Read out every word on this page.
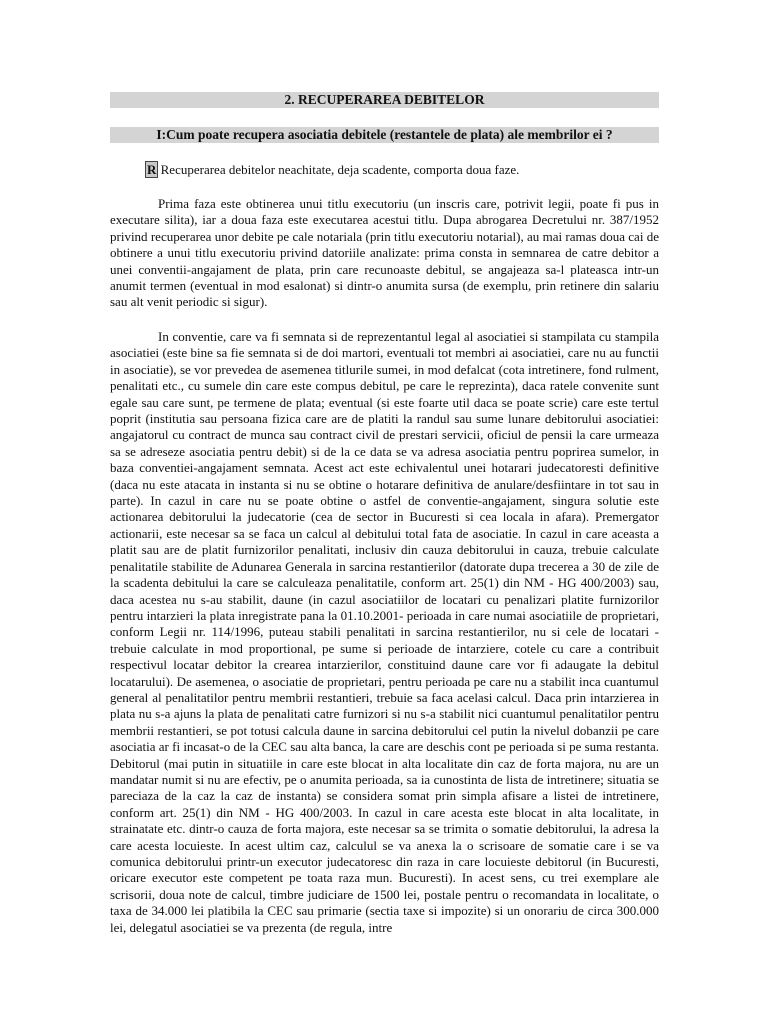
2. RECUPERAREA DEBITELOR
I:Cum poate recupera asociatia debitele (restantele de plata) ale membrilor ei ?
R Recuperarea debitelor neachitate, deja scadente, comporta doua faze.

Prima faza este obtinerea unui titlu executoriu (un inscris care, potrivit legii, poate fi pus in executare silita), iar a doua faza este executarea acestui titlu. Dupa abrogarea Decretului nr. 387/1952 privind recuperarea unor debite pe cale notariala (prin titlu executoriu notarial), au mai ramas doua cai de obtinere a unui titlu executoriu privind datoriile analizate: prima consta in semnarea de catre debitor a unei conventii-angajament de plata, prin care recunoaste debitul, se angajeaza sa-l plateasca intr-un anumit termen (eventual in mod esalonat) si dintr-o anumita sursa (de exemplu, prin retinere din salariu sau alt venit periodic si sigur).

In conventie, care va fi semnata si de reprezentantul legal al asociatiei si stampilata cu stampila asociatiei (este bine sa fie semnata si de doi martori, eventuali tot membri ai asociatiei, care nu au functii in asociatie), se vor prevedea de asemenea titlurile sumei, in mod defalcat (cota intretinere, fond rulment, penalitati etc., cu sumele din care este compus debitul, pe care le reprezinta), daca ratele convenite sunt egale sau care sunt, pe termene de plata; eventual (si este foarte util daca se poate scrie) care este tertul poprit (institutia sau persoana fizica care are de platiti la randul sau sume lunare debitorului asociatiei: angajatorul cu contract de munca sau contract civil de prestari servicii, oficiul de pensii la care urmeaza sa se adreseze asociatia pentru debit) si de la ce data se va adresa asociatia pentru poprirea sumelor, in baza conventiei-angajament semnata. Acest act este echivalentul unei hotarari judecatoresti definitive (daca nu este atacata in instanta si nu se obtine o hotarare definitiva de anulare/desfiintare in tot sau in parte). In cazul in care nu se poate obtine o astfel de conventie-angajament, singura solutie este actionarea debitorului la judecatorie (cea de sector in Bucuresti si cea locala in afara). Premergator actionarii, este necesar sa se faca un calcul al debitului total fata de asociatie. In cazul in care aceasta a platit sau are de platit furnizorilor penalitati, inclusiv din cauza debitorului in cauza, trebuie calculate penalitatile stabilite de Adunarea Generala in sarcina restantierilor (datorate dupa trecerea a 30 de zile de la scadenta debitului la care se calculeaza penalitatile, conform art. 25(1) din NM - HG 400/2003) sau, daca acestea nu s-au stabilit, daune (in cazul asociatiilor de locatari cu penalizari platite furnizorilor pentru intarzieri la plata inregistrate pana la 01.10.2001- perioada in care numai asociatiile de proprietari, conform Legii nr. 114/1996, puteau stabili penalitati in sarcina restantierilor, nu si cele de locatari - trebuie calculate in mod proportional, pe sume si perioade de intarziere, cotele cu care a contribuit respectivul locatar debitor la crearea intarzierilor, constituind daune care vor fi adaugate la debitul locatarului). De asemenea, o asociatie de proprietari, pentru perioada pe care nu a stabilit inca cuantumul general al penalitatilor pentru membrii restantieri, trebuie sa faca acelasi calcul. Daca prin intarzierea in plata nu s-a ajuns la plata de penalitati catre furnizori si nu s-a stabilit nici cuantumul penalitatilor pentru membrii restantieri, se pot totusi calcula daune in sarcina debitorului cel putin la nivelul dobanzii pe care asociatia ar fi incasat-o de la CEC sau alta banca, la care are deschis cont pe perioada si pe suma restanta. Debitorul (mai putin in situatiile in care este blocat in alta localitate din caz de forta majora, nu are un mandatar numit si nu are efectiv, pe o anumita perioada, sa ia cunostinta de lista de intretinere; situatia se pareciaza de la caz la caz de instanta) se considera somat prin simpla afisare a listei de intretinere, conform art. 25(1) din NM - HG 400/2003. In cazul in care acesta este blocat in alta localitate, in strainatate etc. dintr-o cauza de forta majora, este necesar sa se trimita o somatie debitorului, la adresa la care acesta locuieste. In acest ultim caz, calculul se va anexa la o scrisoare de somatie care i se va comunica debitorului printr-un executor judecatoresc din raza in care locuieste debitorul (in Bucuresti, oricare executor este competent pe toata raza mun. Bucuresti). In acest sens, cu trei exemplare ale scrisorii, doua note de calcul, timbre judiciare de 1500 lei, postale pentru o recomandata in localitate, o taxa de 34.000 lei platibila la CEC sau primarie (sectia taxe si impozite) si un onorariu de circa 300.000 lei, delegatul asociatiei se va prezenta (de regula, intre
